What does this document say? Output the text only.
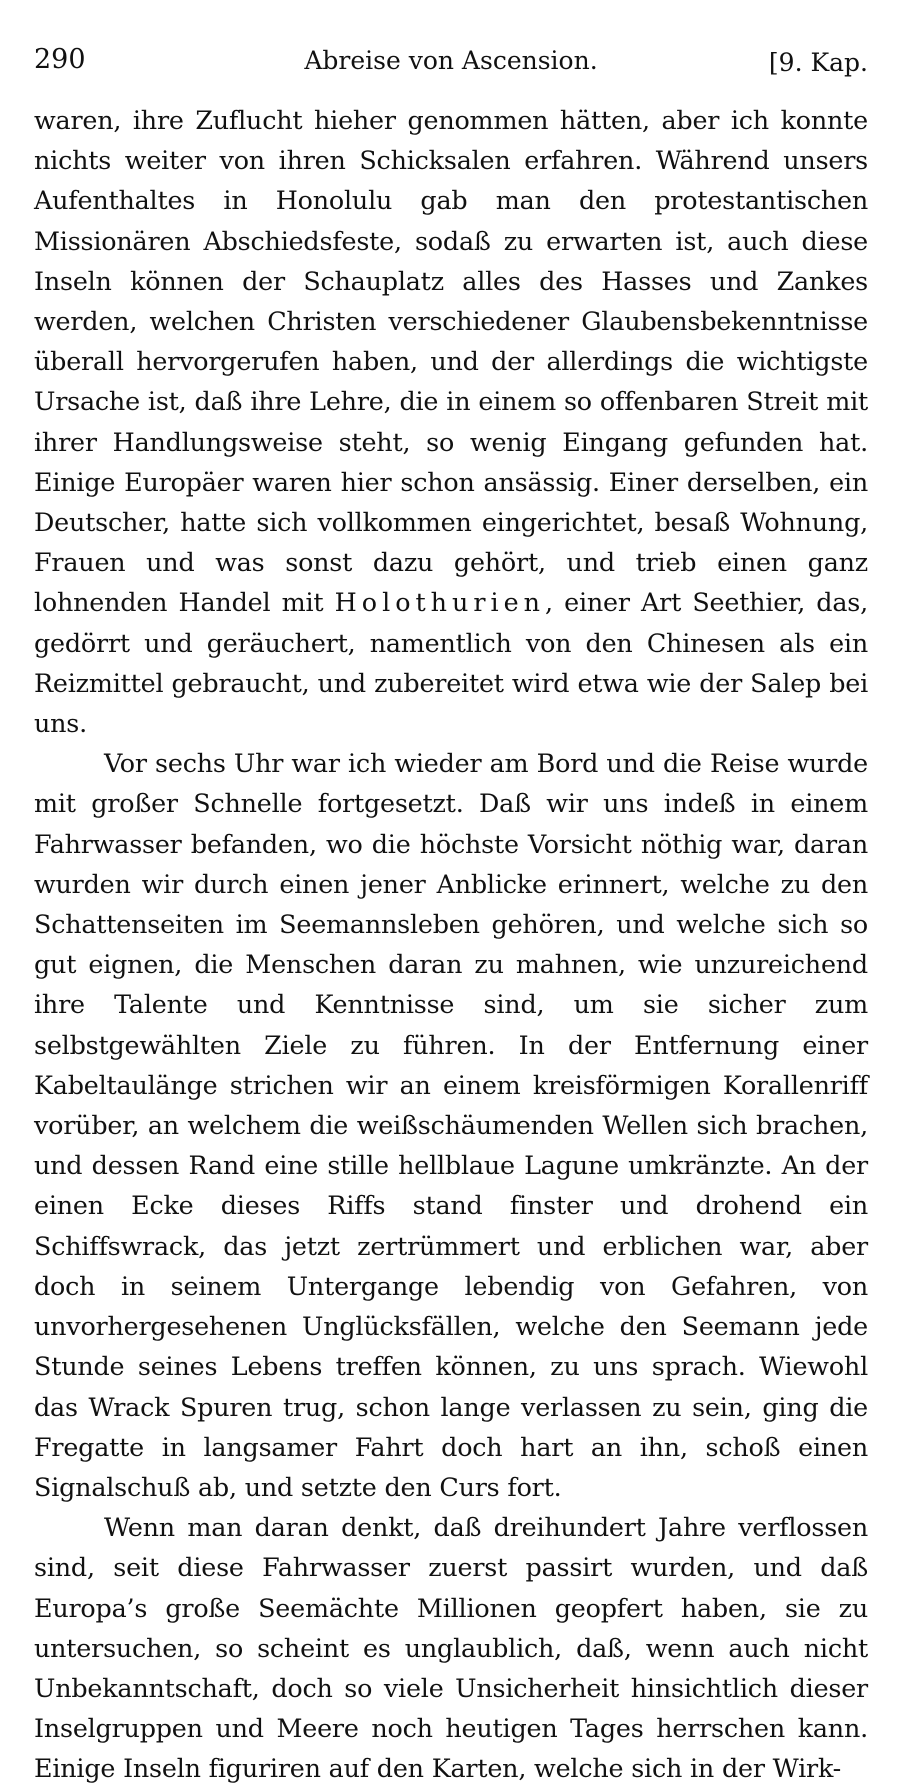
290	Abreise von Ascension.	[9. Kap.

waren, ihre Zuflucht hieher genommen hätten, aber ich konnte nichts weiter von ihren Schicksalen erfahren. Während unsers Aufenthaltes in Honolulu gab man den protestantischen Missionären Abschiedsfeste, sodaß zu erwarten ist, auch diese Inseln können der Schauplatz alles des Hasses und Zankes werden, welchen Christen verschiedener Glaubensbekenntnisse überall hervorgerufen haben, und der allerdings die wichtigste Ursache ist, daß ihre Lehre, die in einem so offenbaren Streit mit ihrer Handlungsweise steht, so wenig Eingang gefunden hat. Einige Europäer waren hier schon ansässig. Einer derselben, ein Deutscher, hatte sich vollkommen eingerichtet, besaß Wohnung, Frauen und was sonst dazu gehört, und trieb einen ganz lohnenden Handel mit Holothurien, einer Art Seethier, das, gedörrt und geräuchert, namentlich von den Chinesen als ein Reizmittel gebraucht, und zubereitet wird etwa wie der Salep bei uns.

Vor sechs Uhr war ich wieder am Bord und die Reise wurde mit großer Schnelle fortgesetzt. Daß wir uns indeß in einem Fahrwasser befanden, wo die höchste Vorsicht nöthig war, daran wurden wir durch einen jener Anblicke erinnert, welche zu den Schattenseiten im Seemannsleben gehören, und welche sich so gut eignen, die Menschen daran zu mahnen, wie unzureichend ihre Talente und Kenntnisse sind, um sie sicher zum selbstgewählten Ziele zu führen. In der Entfernung einer Kabeltaulänge strichen wir an einem kreisförmigen Korallenriff vorüber, an welchem die weißschäumenden Wellen sich brachen, und dessen Rand eine stille hellblaue Lagune umkränzte. An der einen Ecke dieses Riffs stand finster und drohend ein Schiffswrack, das jetzt zertrümmert und erblichen war, aber doch in seinem Untergange lebendig von Gefahren, von unvorhergesehenen Unglücksfällen, welche den Seemann jede Stunde seines Lebens treffen können, zu uns sprach. Wiewohl das Wrack Spuren trug, schon lange verlassen zu sein, ging die Fregatte in langsamer Fahrt doch hart an ihn, schoß einen Signalschuß ab, und setzte den Curs fort.

Wenn man daran denkt, daß dreihundert Jahre verflossen sind, seit diese Fahrwasser zuerst passirt wurden, und daß Europa’s große Seemächte Millionen geopfert haben, sie zu untersuchen, so scheint es unglaublich, daß, wenn auch nicht Unbekanntschaft, doch so viele Unsicherheit hinsichtlich dieser Inselgruppen und Meere noch heutigen Tages herrschen kann. Einige Inseln figuriren auf den Karten, welche sich in der Wirk-
